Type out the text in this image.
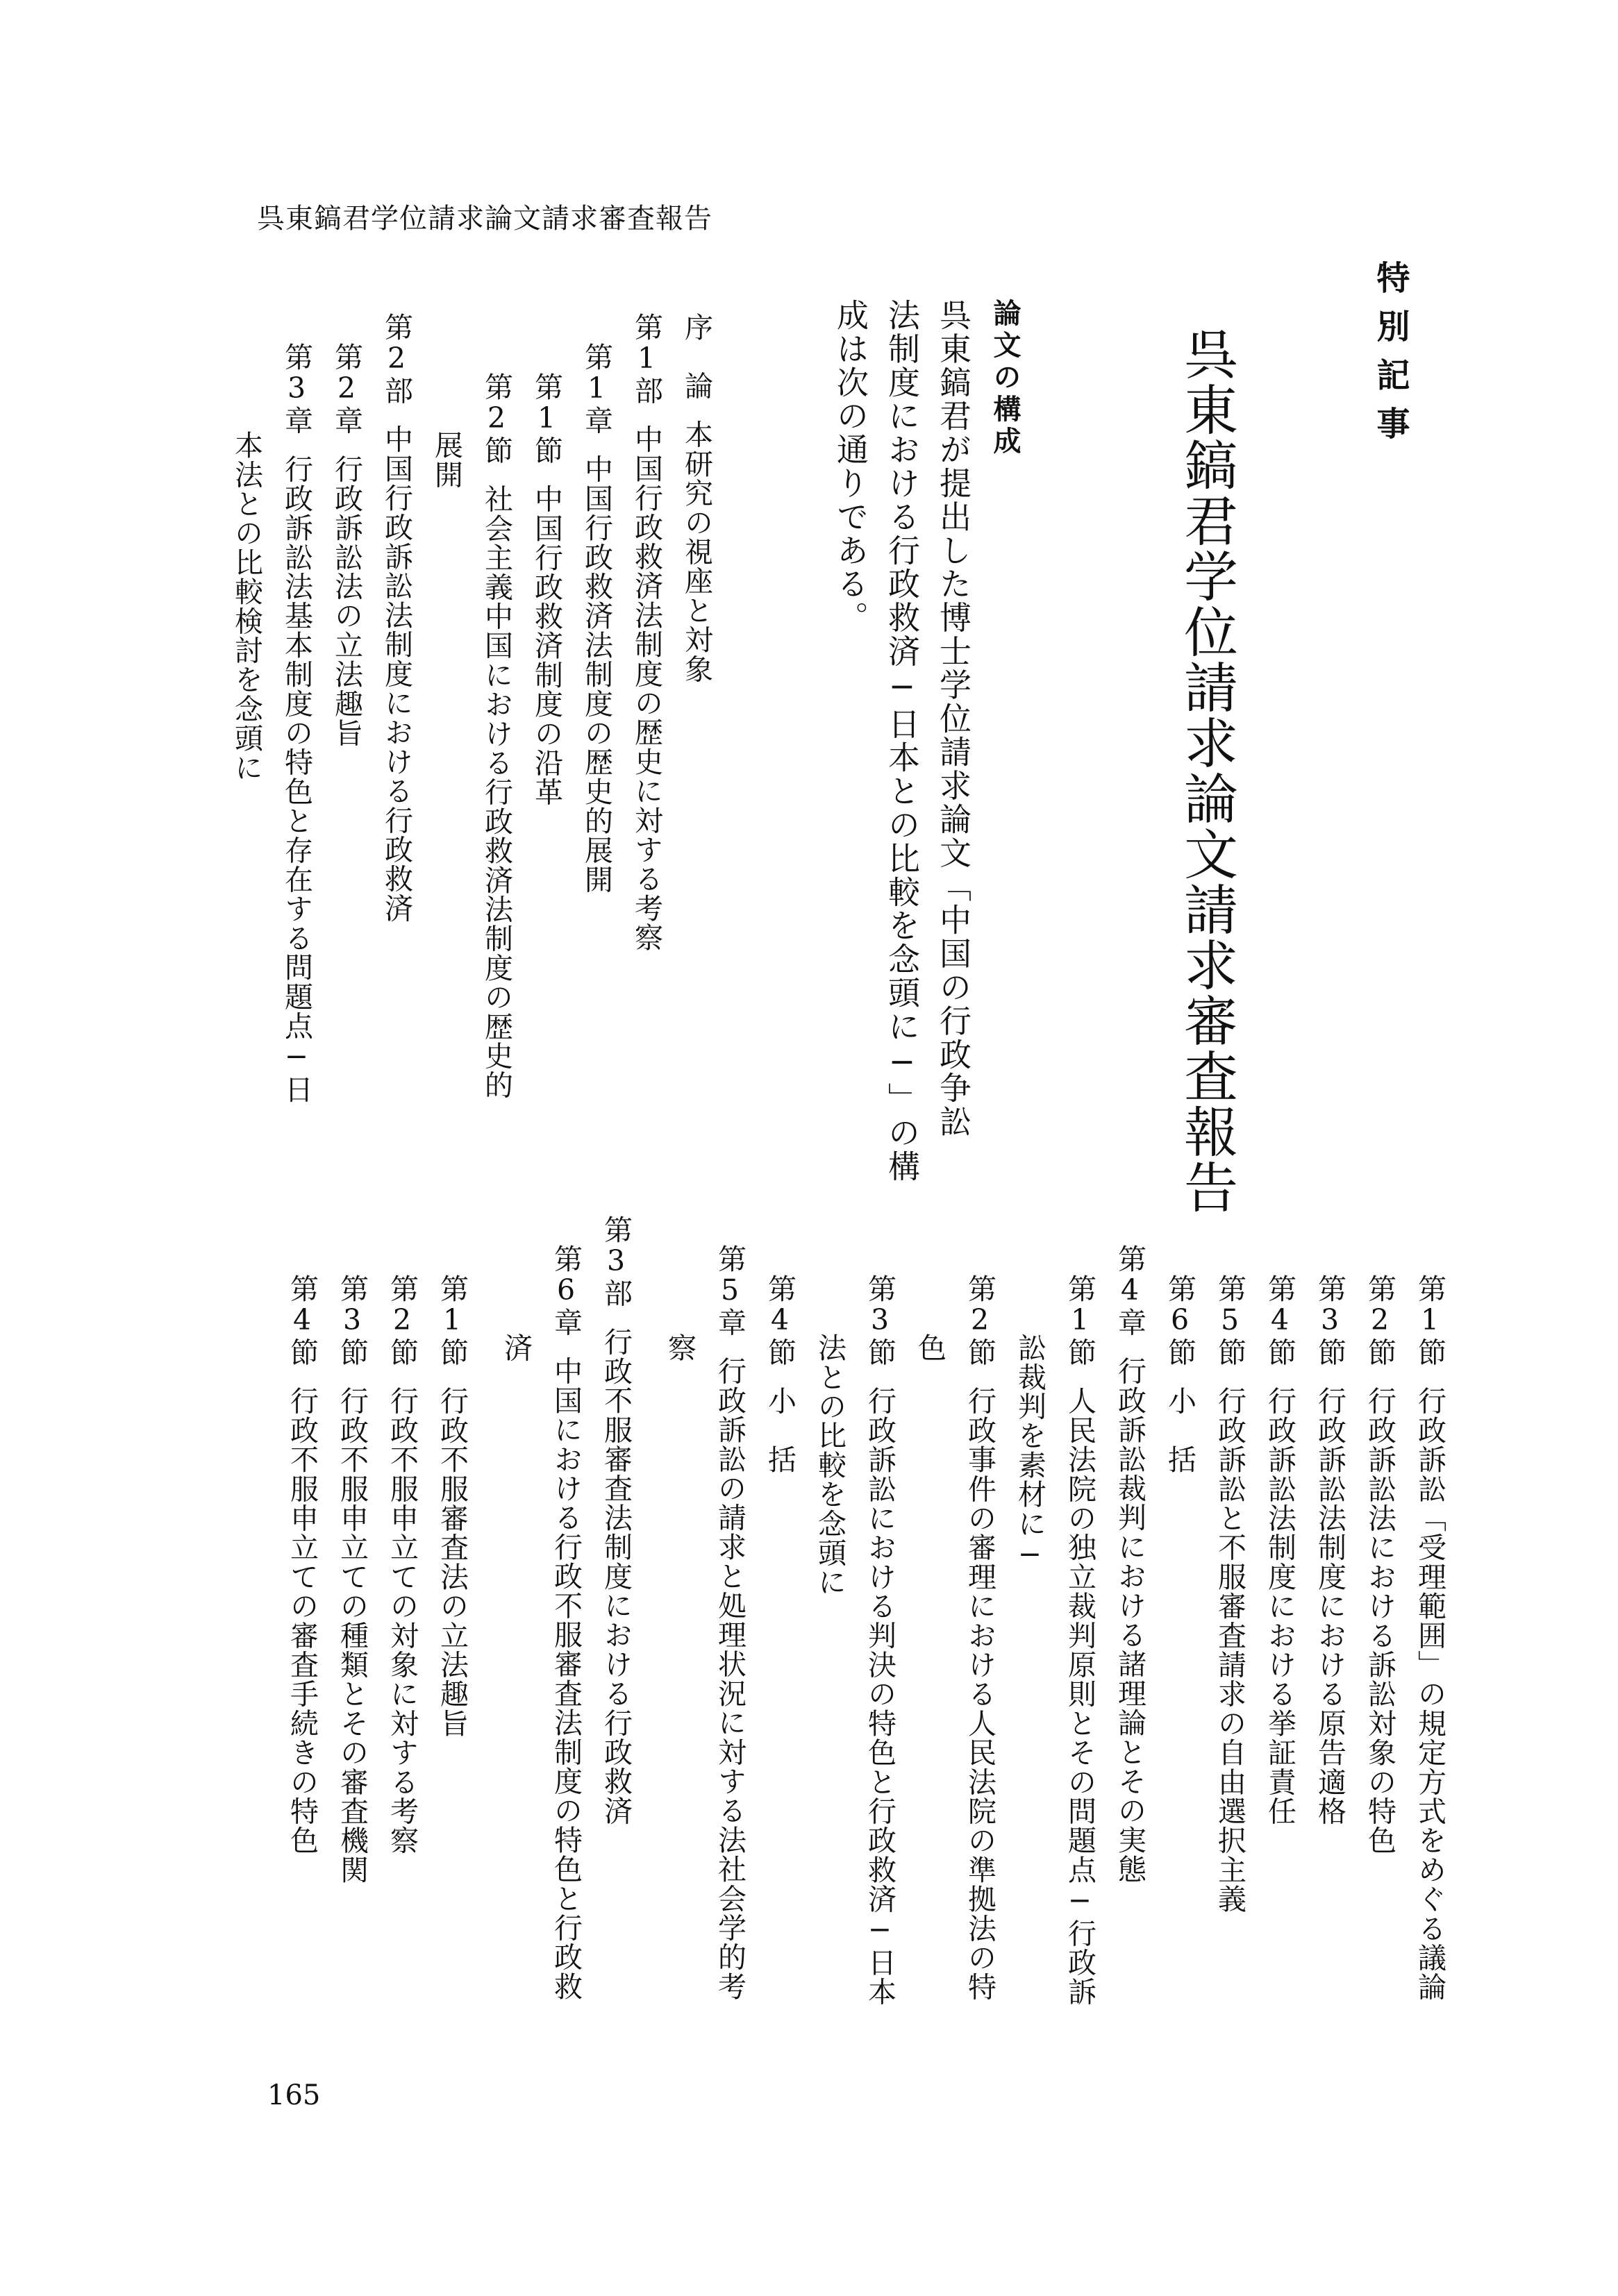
呉東鎬君学位請求論文請求審査報告
特別記事
呉東鎬君学位請求論文請求審査報告
論文の構成
呉東鎬君が提出した博士学位請求論文「中国の行政争訟
法制度における行政救済─日本との比較を念頭に─」の構
成は次の通りである。
序　論本研究の視座と対象
第1部中国行政救済法制度の歴史に対する考察
第1章中国行政救済法制度の歴史的展開
第1節中国行政救済制度の沿革
第2節社会主義中国における行政救済法制度の歴史的
展開
第2部中国行政訴訟法制度における行政救済
第2章行政訴訟法の立法趣旨
第3章行政訴訟法基本制度の特色と存在する問題点─日
本法との比較検討を念頭に
第1節行政訴訟「受理範囲」の規定方式をめぐる議論
第2節行政訴訟法における訴訟対象の特色
第3節行政訴訟法制度における原告適格
第4節行政訴訟法制度における挙証責任
第5節行政訴訟と不服審査請求の自由選択主義
第6節小　括
第4章行政訴訟裁判における諸理論とその実態
第1節人民法院の独立裁判原則とその問題点─行政訴
訟裁判を素材に─
第2節行政事件の審理における人民法院の準拠法の特
色
第3節行政訴訟における判決の特色と行政救済─日本
法との比較を念頭に
第4節小　括
第5章行政訴訟の請求と処理状況に対する法社会学的考
察
第3部行政不服審査法制度における行政救済
第6章中国における行政不服審査法制度の特色と行政救
済
第1節行政不服審査法の立法趣旨
第2節行政不服申立ての対象に対する考察
第3節行政不服申立ての種類とその審査機関
第4節行政不服申立ての審査手続きの特色
165
